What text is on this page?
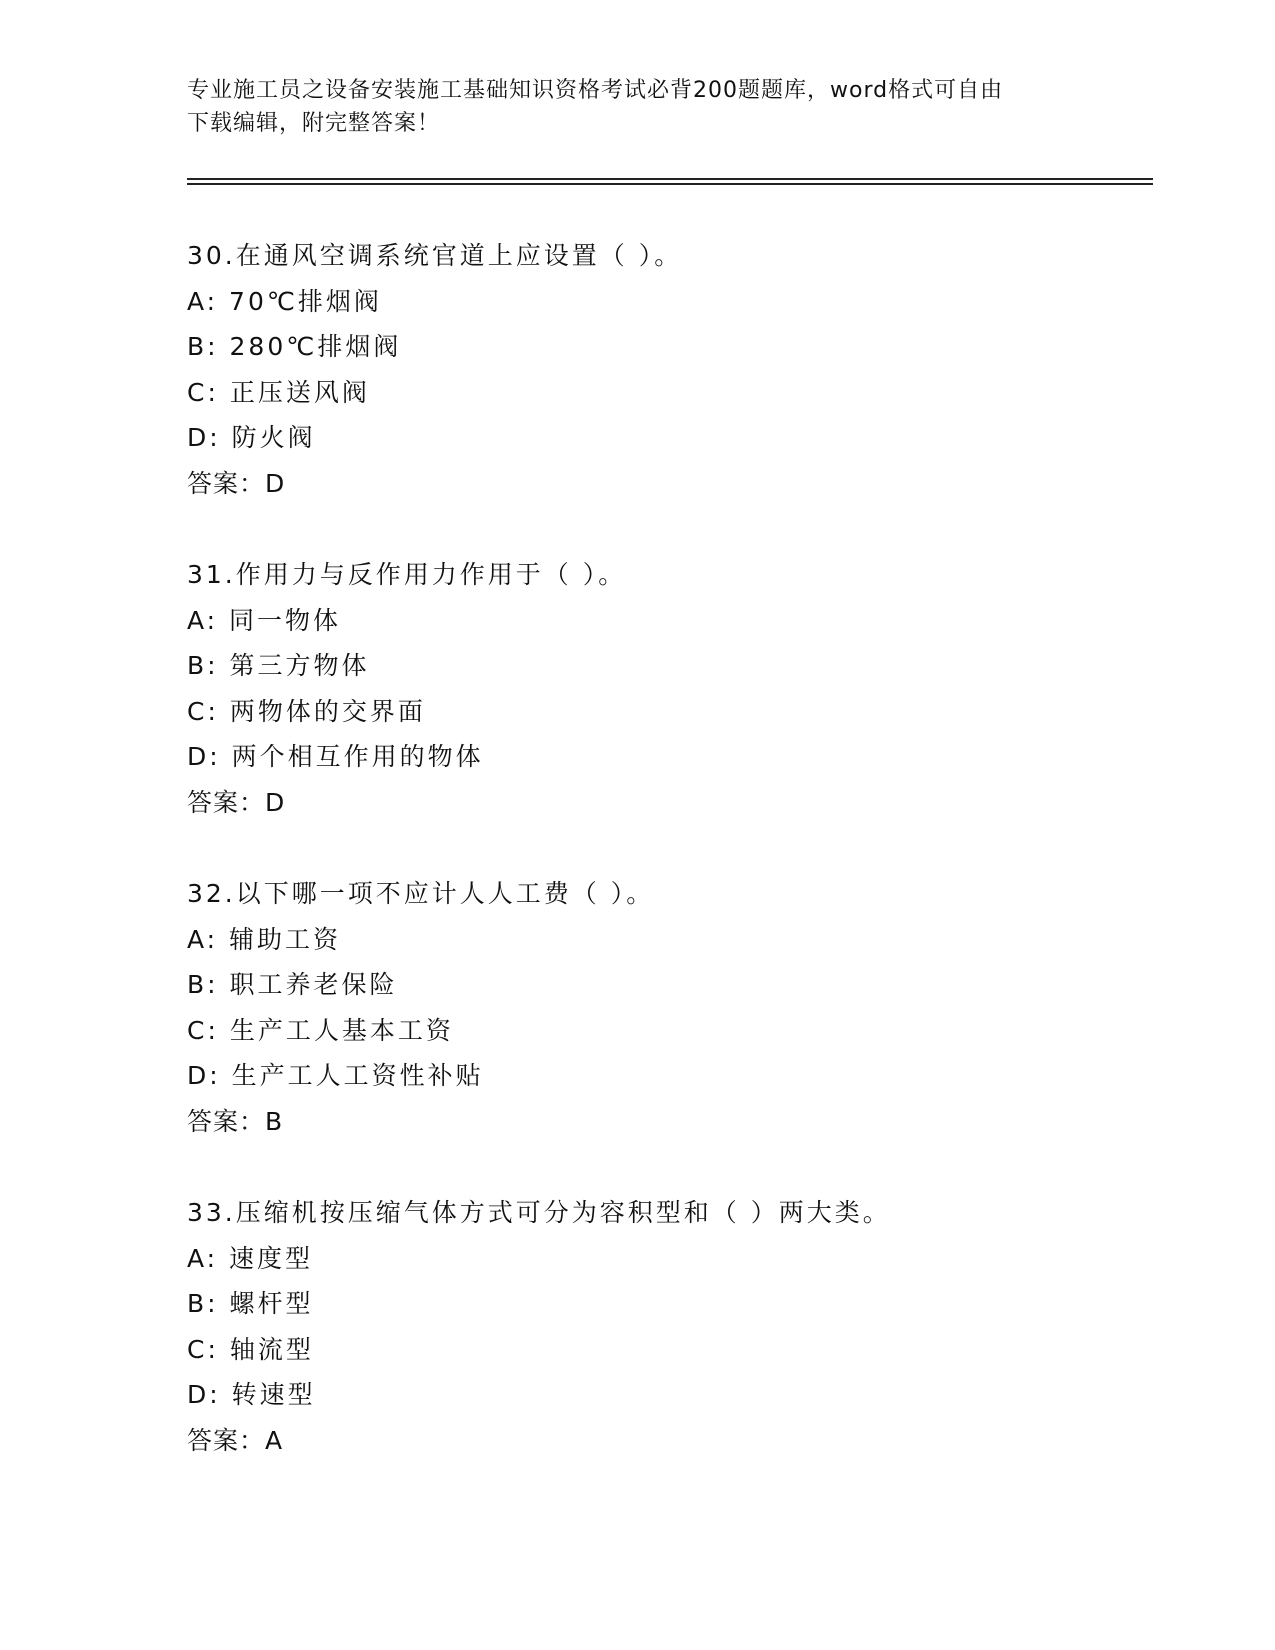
专业施工员之设备安装施工基础知识资格考试必背200题题库，word格式可自由
下载编辑，附完整答案！
30.在通风空调系统官道上应设置（ ）。
A: 70℃排烟阀
B: 280℃排烟阀
C: 正压送风阀
D: 防火阀
答案：D
31.作用力与反作用力作用于（ ）。
A: 同一物体
B: 第三方物体
C: 两物体的交界面
D: 两个相互作用的物体
答案：D
32.以下哪一项不应计人人工费（ ）。
A: 辅助工资
B: 职工养老保险
C: 生产工人基本工资
D: 生产工人工资性补贴
答案：B
33.压缩机按压缩气体方式可分为容积型和（ ）两大类。
A: 速度型
B: 螺杆型
C: 轴流型
D: 转速型
答案：A
